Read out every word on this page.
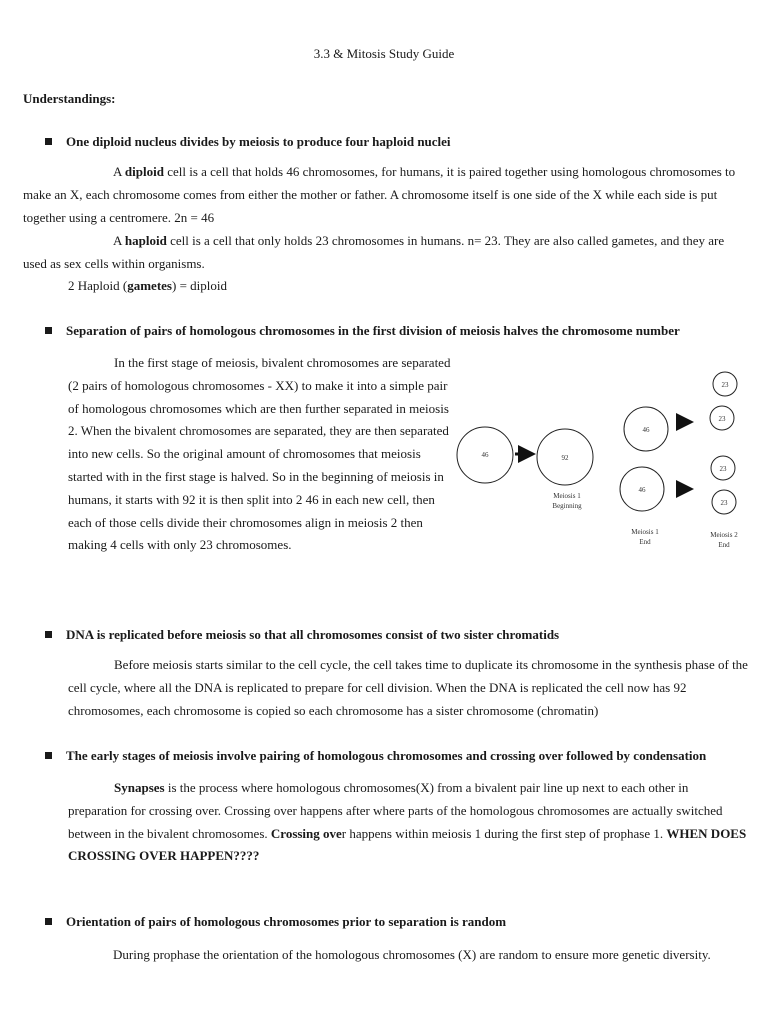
3.3 & Mitosis Study Guide
Understandings:
One diploid nucleus divides by meiosis to produce four haploid nuclei

A diploid cell is a cell that holds 46 chromosomes, for humans, it is paired together using homologous chromosomes to make an X, each chromosome comes from either the mother or father. A chromosome itself is one side of the X while each side is put together using a centromere. 2n = 46

A haploid cell is a cell that only holds 23 chromosomes in humans. n= 23. They are also called gametes, and they are used as sex cells within organisms.

2 Haploid (gametes) = diploid

Separation of pairs of homologous chromosomes in the first division of meiosis halves the chromosome number

In the first stage of meiosis, bivalent chromosomes are separated (2 pairs of homologous chromosomes - XX) to make it into a simple pair of homologous chromosomes which are then further separated in meiosis 2. When the bivalent chromosomes are separated, they are then separated into new cells. So the original amount of chromosomes that meiosis started with in the first stage is halved. So in the beginning of meiosis in humans, it starts with 92 it is then split into 2 46 in each new cell, then each of those cells divide their chromosomes align in meiosis 2 then making 4 cells with only 23 chromosomes.

46	92
Meiosis 1
Beginning
46
46
Meiosis 1
End
23
23
23
23
Meiosis 2
End
DNA is replicated before meiosis so that all chromosomes consist of two sister chromatids

Before meiosis starts similar to the cell cycle, the cell takes time to duplicate its chromosome in the synthesis phase of the cell cycle, where all the DNA is replicated to prepare for cell division. When the DNA is replicated the cell now has 92 chromosomes, each chromosome is copied so each chromosome has a sister chromosome (chromatin)

The early stages of meiosis involve pairing of homologous chromosomes and crossing over followed by condensation

Synapses is the process where homologous chromosomes(X) from a bivalent pair line up next to each other in preparation for crossing over. Crossing over happens after where parts of the homologous chromosomes are actually switched between in the bivalent chromosomes. Crossing over happens within meiosis 1 during the first step of prophase 1. WHEN DOES CROSSING OVER HAPPEN????

Orientation of pairs of homologous chromosomes prior to separation is random

During prophase the orientation of the homologous chromosomes (X) are random to ensure more genetic diversity.
